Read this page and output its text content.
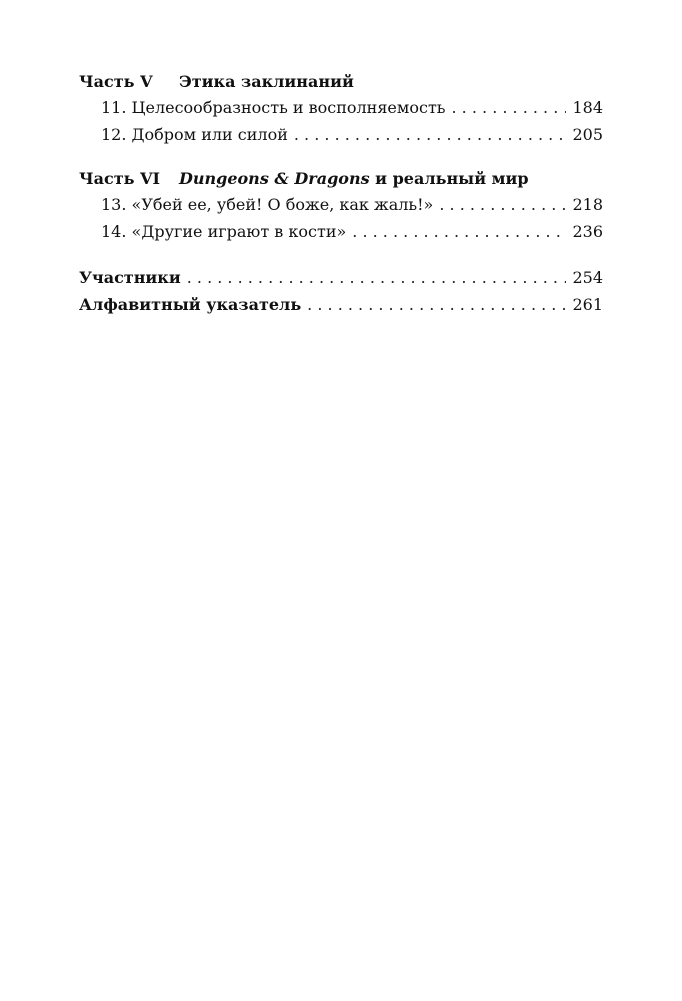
Часть V	Этика заклинаний
11. Целесообразность и восполняемость . . .	184
12. Добром или силой . . .	205
Часть VI	Dungeons & Dragons и реальный мир
13. «Убей ее, убей! О боже, как жаль!» . . .	218
14. «Другие играют в кости» . . .	236
Участники . . .	254
Алфавитный указатель . . .	261
